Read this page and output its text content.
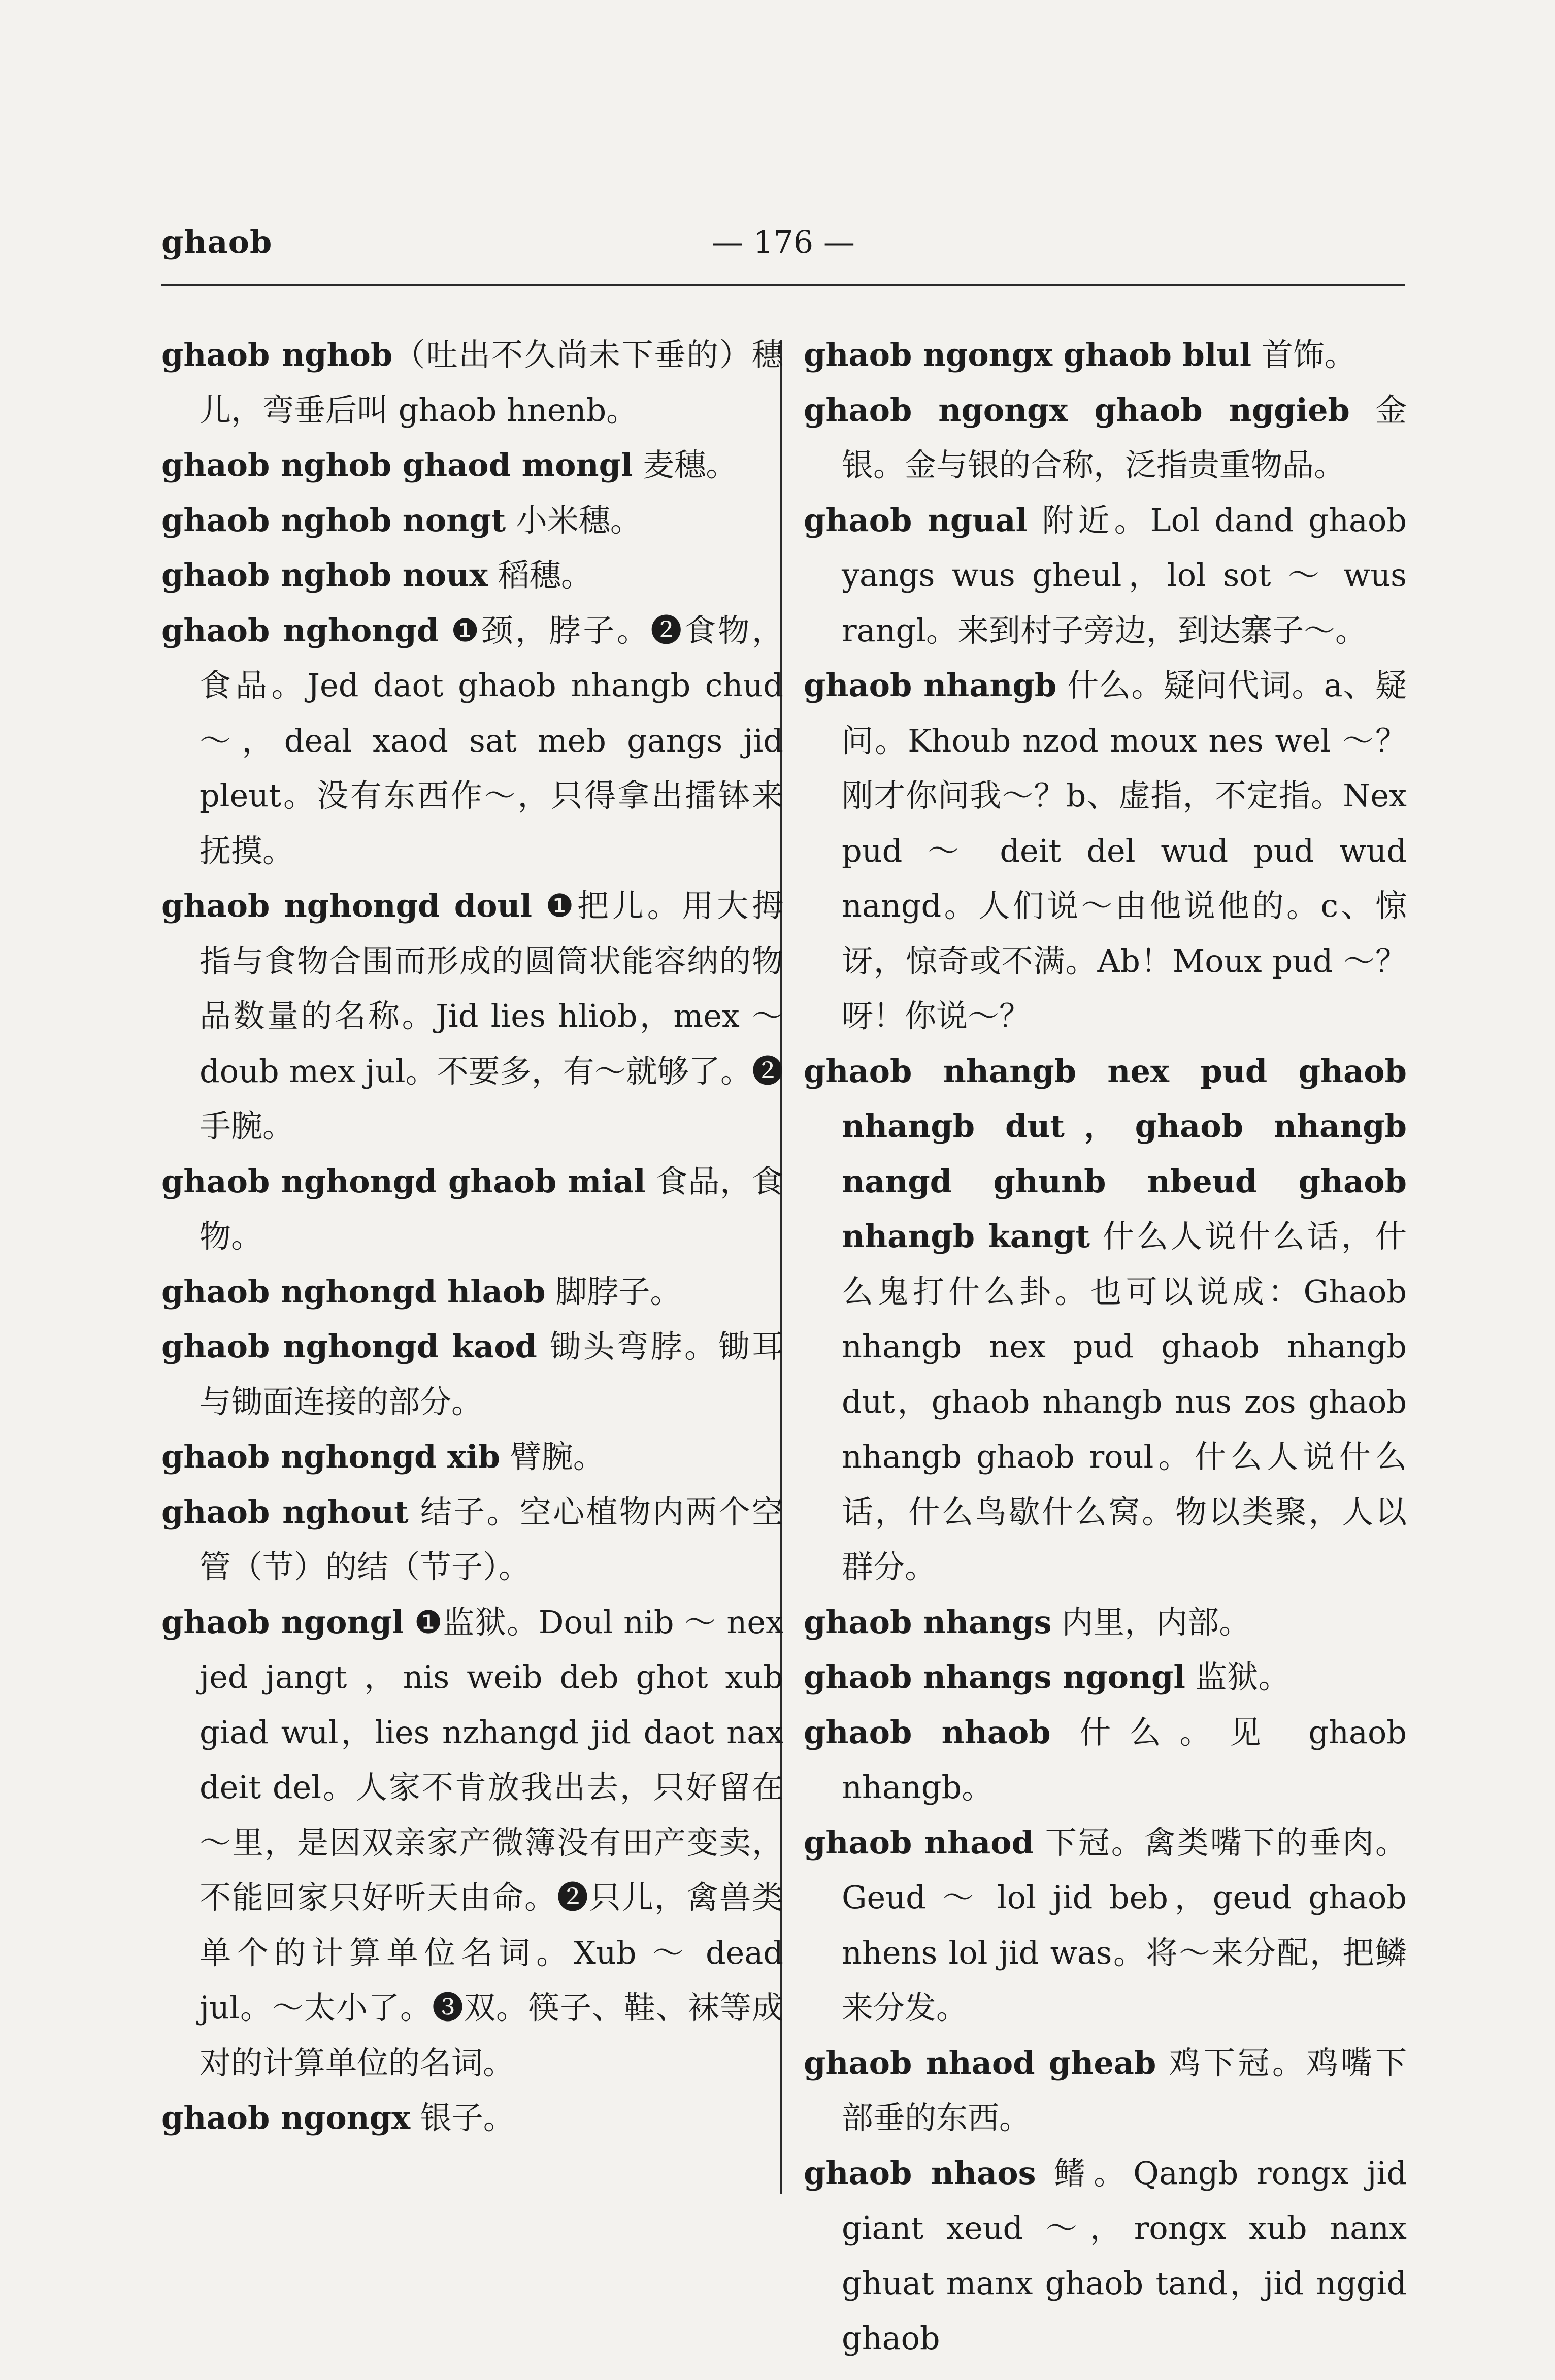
ghaob	— 176 —

ghaob nghob（吐出不久尚未下垂的）穗儿，弯垂后叫 ghaob hnenb。

ghaob nghob ghaod mongl 麦穗。

ghaob nghob nongt 小米穗。

ghaob nghob noux 稻穗。

ghaob nghongd ❶颈，脖子。❷食物，食品。Jed daot ghaob nhangb chud ～，deal xaod sat meb gangs jid pleut。没有东西作～，只得拿出擂钵来抚摸。

ghaob nghongd doul ❶把儿。用大拇指与食物合围而形成的圆筒状能容纳的物品数量的名称。Jid lies hliob，mex ～ doub mex jul。不要多，有～就够了。❷手腕。

ghaob nghongd ghaob mial 食品，食物。

ghaob nghongd hlaob 脚脖子。

ghaob nghongd kaod 锄头弯脖。锄耳与锄面连接的部分。

ghaob nghongd xib 臂腕。

ghaob nghout 结子。空心植物内两个空管（节）的结（节子）。

ghaob ngongl ❶监狱。Doul nib ～ nex jed jangt ，nis weib deb ghot xub giad wul，lies nzhangd jid daot nax deit del。人家不肯放我出去，只好留在～里，是因双亲家产微簿没有田产变卖，不能回家只好听天由命。❷只儿，禽兽类单个的计算单位名词。Xub ～ dead jul。～太小了。❸双。筷子、鞋、袜等成对的计算单位的名词。

ghaob ngongx 银子。

ghaob ngongx ghaob blul 首饰。

ghaob ngongx ghaob nggieb 金银。金与银的合称，泛指贵重物品。

ghaob ngual 附近。Lol dand ghaob yangs wus gheul，lol sot ～ wus rangl。来到村子旁边，到达寨子～。

ghaob nhangb 什么。疑问代词。a、疑问。Khoub nzod moux nes wel ～？刚才你问我～？b、虚指，不定指。Nex pud ～ deit del wud pud wud nangd。人们说～由他说他的。c、惊讶，惊奇或不满。Ab！Moux pud ～？呀！你说～？

ghaob nhangb nex pud ghaob nhangb dut，ghaob nhangb nangd ghunb nbeud ghaob nhangb kangt 什么人说什么话，什么鬼打什么卦。也可以说成：Ghaob nhangb nex pud ghaob nhangb dut，ghaob nhangb nus zos ghaob nhangb ghaob roul。什么人说什么话，什么鸟歇什么窝。物以类聚，人以群分。

ghaob nhangs 内里，内部。

ghaob nhangs ngongl 监狱。

ghaob nhaob 什么。见 ghaob nhangb。

ghaob nhaod 下冠。禽类嘴下的垂肉。Geud ～ lol jid beb，geud ghaob nhens lol jid was。将～来分配，把鳞来分发。

ghaob nhaod gheab 鸡下冠。鸡嘴下部垂的东西。

ghaob nhaos 鳍。Qangb rongx jid giant xeud ～，rongx xub nanx ghuat manx ghaob tand，jid nggid ghaob
